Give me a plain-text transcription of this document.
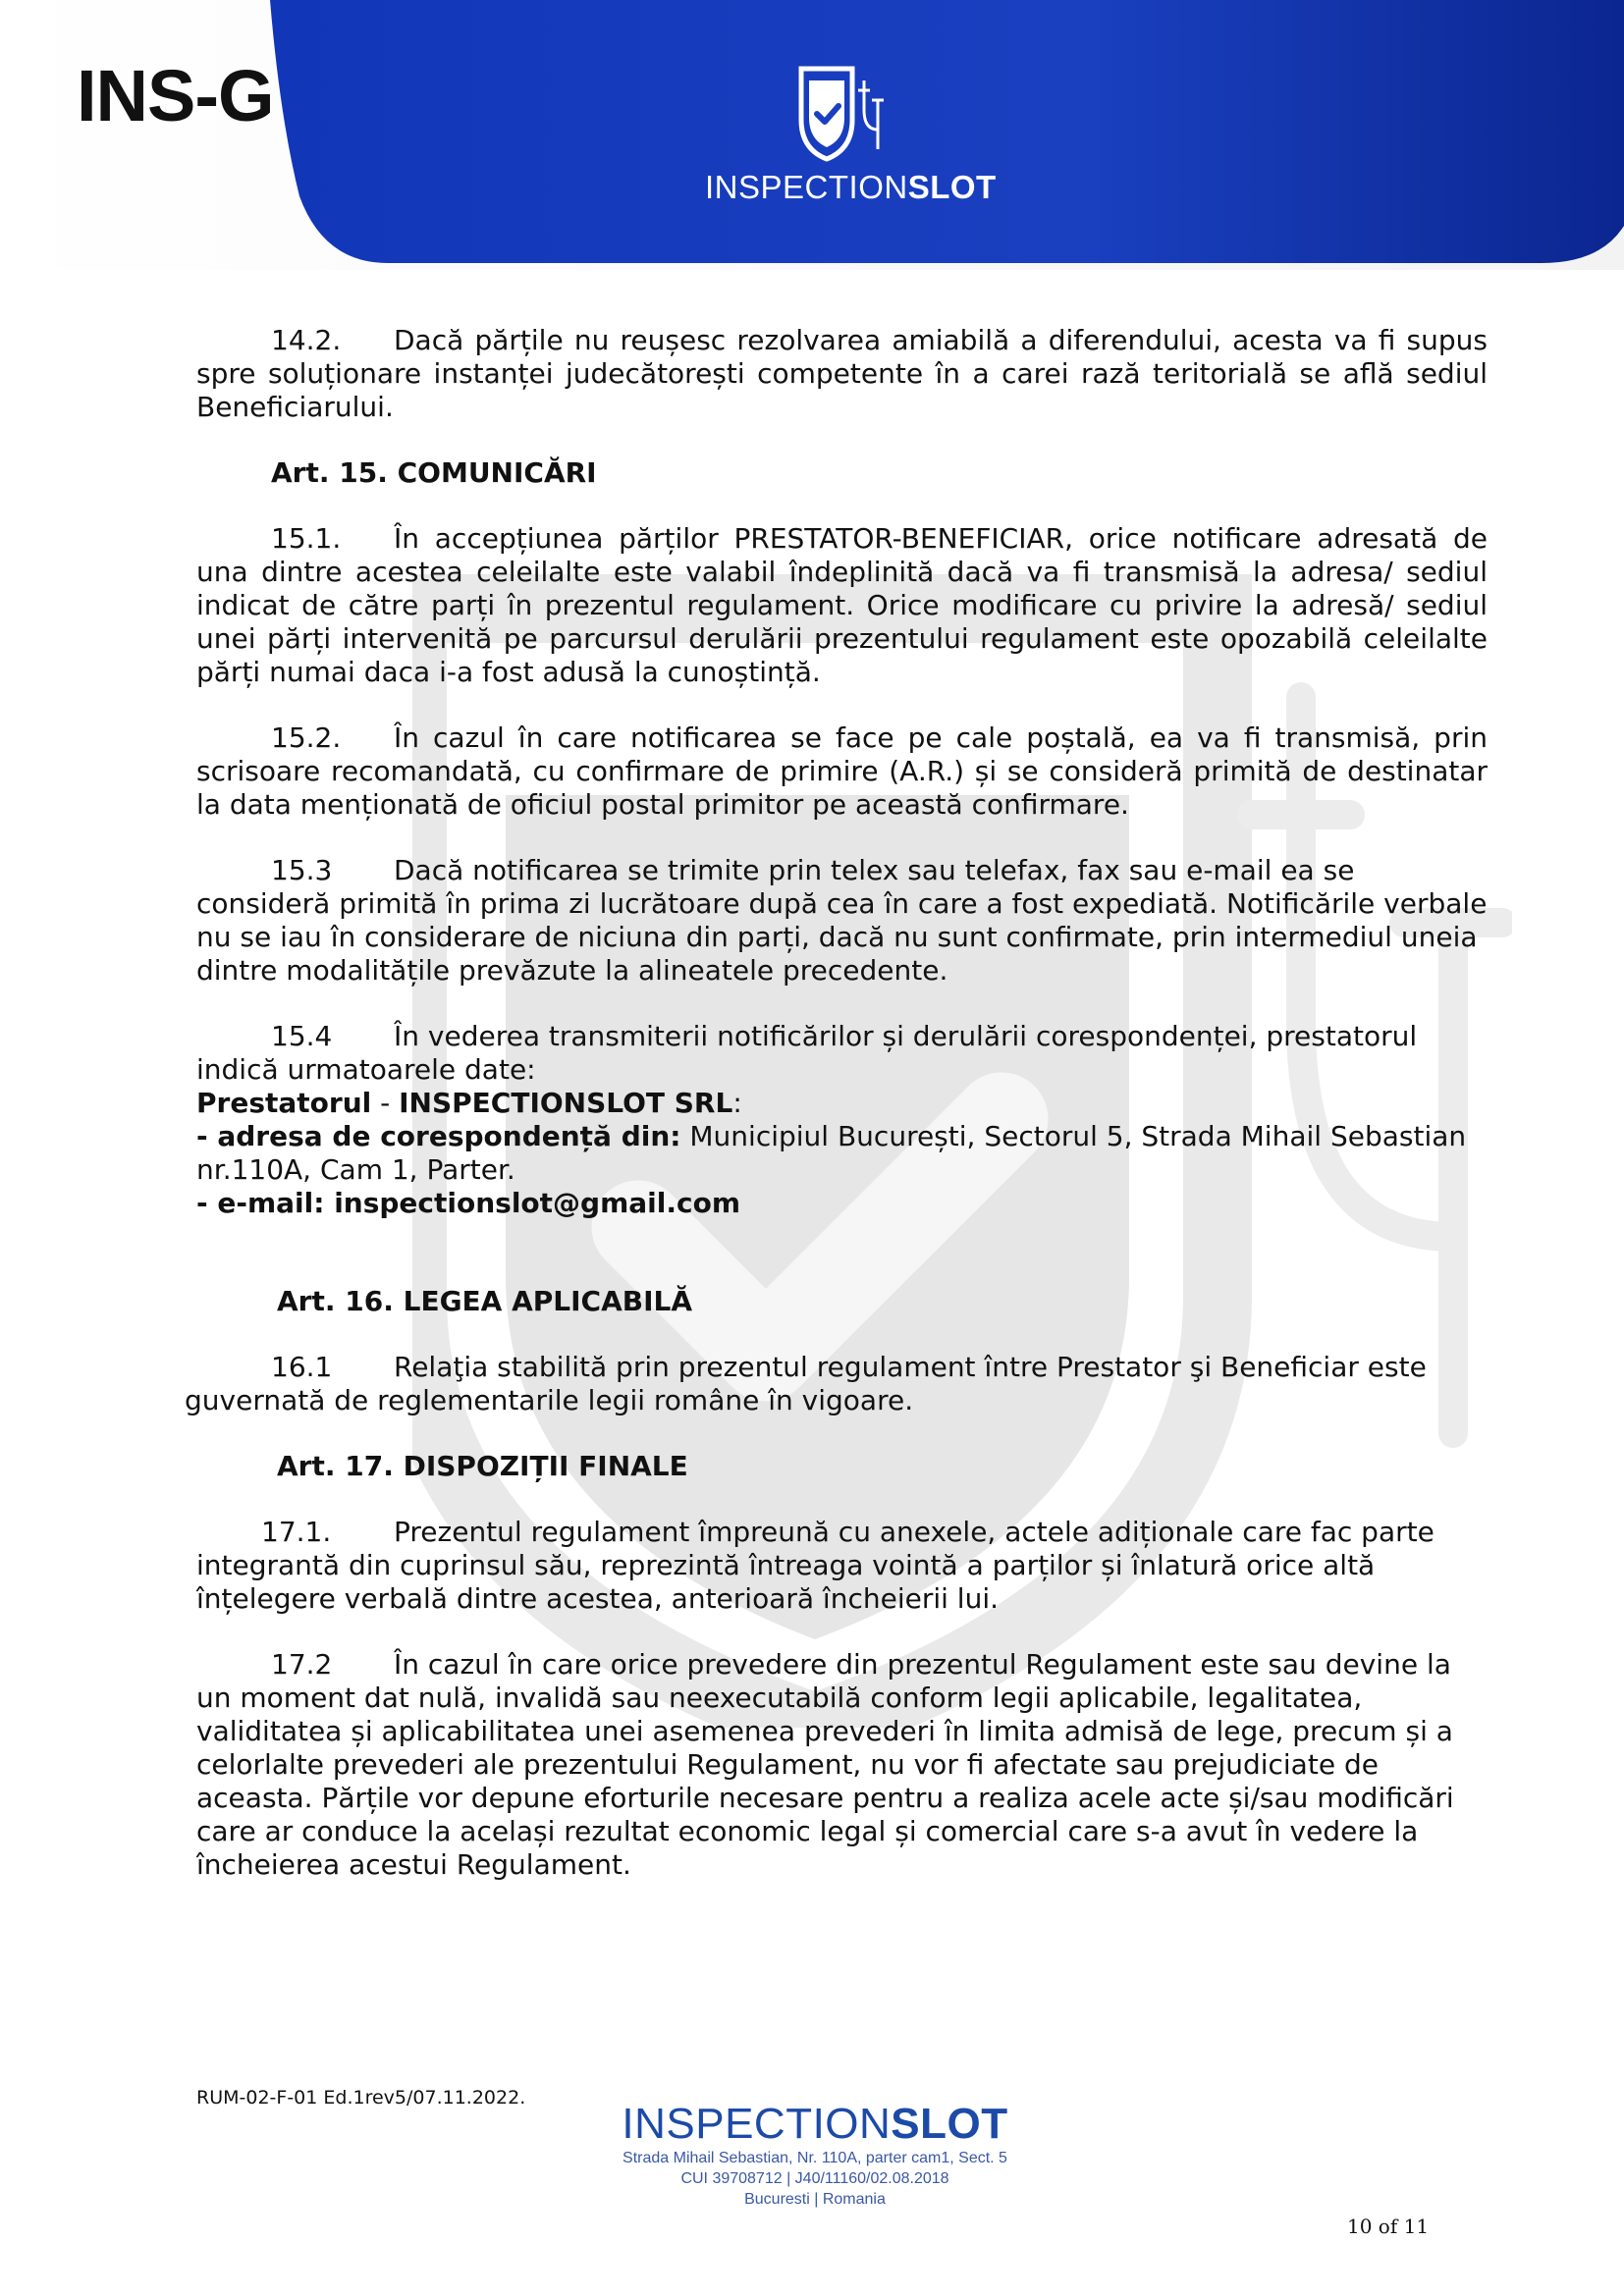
INS-G
INSPECTIONSLOT

14.2. Dacă părțile nu reușesc rezolvarea amiabilă a diferendului, acesta va fi supus spre soluționare instanței judecătorești competente în a carei rază teritorială se află sediul Beneficiarului.

Art. 15. COMUNICĂRI

15.1. În accepțiunea părților PRESTATOR-BENEFICIAR, orice notificare adresată de una dintre acestea celeilalte este valabil îndeplinită dacă va fi transmisă la adresa/ sediul indicat de către parți în prezentul regulament. Orice modificare cu privire la adresă/ sediul unei părți intervenită pe parcursul derulării prezentului regulament este opozabilă celeilalte părți numai daca i-a fost adusă la cunoștință.

15.2. În cazul în care notificarea se face pe cale poștală, ea va fi transmisă, prin scrisoare recomandată, cu confirmare de primire (A.R.) și se consideră primită de destinatar la data menționată de oficiul postal primitor pe această confirmare.

15.3 Dacă notificarea se trimite prin telex sau telefax, fax sau e-mail ea se consideră primită în prima zi lucrătoare după cea în care a fost expediată. Notificările verbale nu se iau în considerare de niciuna din parți, dacă nu sunt confirmate, prin intermediul uneia dintre modalitățile prevăzute la alineatele precedente.

15.4 În vederea transmiterii notificărilor și derulării corespondenței, prestatorul indică urmatoarele date:

Prestatorul - INSPECTIONSLOT SRL:

- adresa de corespondență din: Municipiul București, Sectorul 5, Strada Mihail Sebastian nr.110A, Cam 1, Parter.

- e-mail: inspectionslot@gmail.com

Art. 16. LEGEA APLICABILĂ

16.1 Relaţia stabilită prin prezentul regulament între Prestator şi Beneficiar este guvernată de reglementarile legii române în vigoare.

Art. 17. DISPOZIȚII FINALE

17.1. Prezentul regulament împreună cu anexele, actele adiționale care fac parte integrantă din cuprinsul său, reprezintă întreaga vointă a parților și înlatură orice altă înțelegere verbală dintre acestea, anterioară încheierii lui.

17.2 În cazul în care orice prevedere din prezentul Regulament este sau devine la un moment dat nulă, invalidă sau neexecutabilă conform legii aplicabile, legalitatea, validitatea și aplicabilitatea unei asemenea prevederi în limita admisă de lege, precum și a celorlalte prevederi ale prezentului Regulament, nu vor fi afectate sau prejudiciate de aceasta. Părțile vor depune eforturile necesare pentru a realiza acele acte și/sau modificări care ar conduce la același rezultat economic legal și comercial care s-a avut în vedere la încheierea acestui Regulament.

RUM-02-F-01 Ed.1rev5/07.11.2022.
INSPECTIONSLOT
Strada Mihail Sebastian, Nr. 110A, parter cam1, Sect. 5
CUI 39708712 | J40/11160/02.08.2018
Bucuresti | Romania
10 of 11
